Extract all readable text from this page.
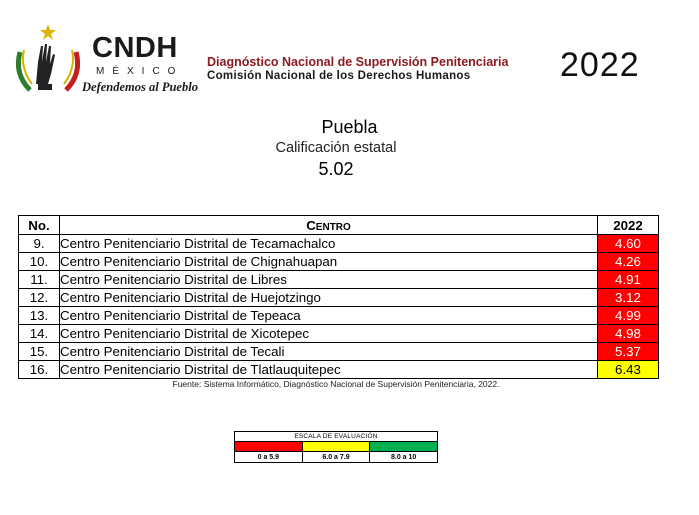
CNDH
MÉXICO
Defendemos al Pueblo
Diagnóstico Nacional de Supervisión Penitenciaria
Comisión Nacional de los Derechos Humanos	2022
Puebla
Calificación estatal
5.02
No.	CENTRO	2022
9.	Centro Penitenciario Distrital de Tecamachalco	4.60
10.	Centro Penitenciario Distrital de Chignahuapan	4.26
11.	Centro Penitenciario Distrital de Libres	4.91
12.	Centro Penitenciario Distrital de Huejotzingo	3.12
13.	Centro Penitenciario Distrital de Tepeaca	4.99
14.	Centro Penitenciario Distrital de Xicotepec	4.98
15.	Centro Penitenciario Distrital de Tecali	5.37
16.	Centro Penitenciario Distrital de Tlatlauquitepec	6.43
Fuente: Sistema Informático, Diagnóstico Nacional de Supervisión Penitenciaria, 2022.
ESCALA DE EVALUACIÓN		

0 a 5.9	6.0 a 7.9	8.0 a 10
